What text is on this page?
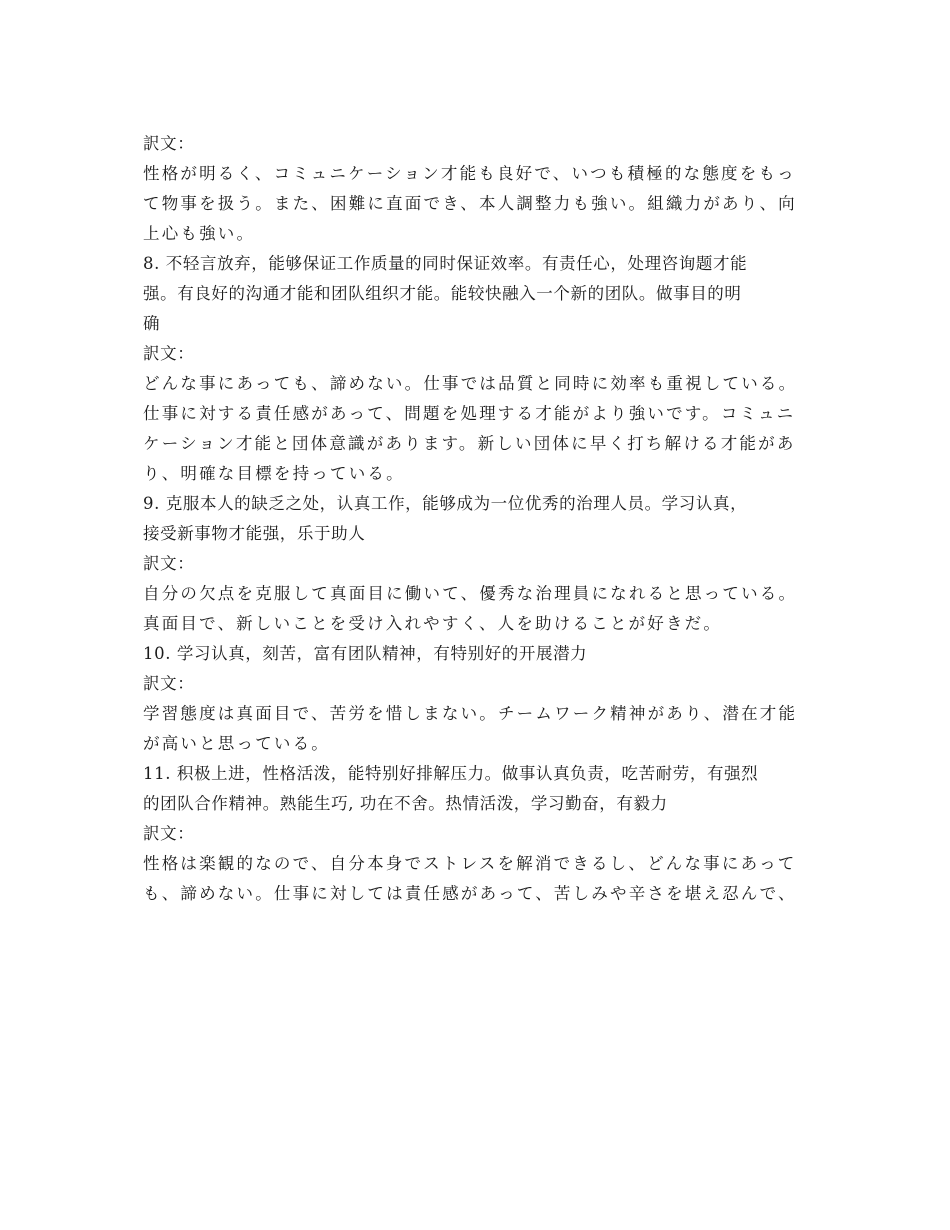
訳文：
性格が明るく、コミュニケーション才能も良好で、いつも積極的な態度をもっ
て物事を扱う。また、困難に直面でき、本人調整力も強い。組織力があり、向
上心も強い。
8. 不轻言放弃，能够保证工作质量的同时保证效率。有责任心，处理咨询题才能
强。有良好的沟通才能和团队组织才能。能较快融入一个新的团队。做事目的明
确
訳文：
どんな事にあっても、諦めない。仕事では品質と同時に効率も重視している。
仕事に対する責任感があって、問題を処理する才能がより強いです。コミュニ
ケーション才能と団体意識があります。新しい団体に早く打ち解ける才能があ
り、明確な目標を持っている。
9. 克服本人的缺乏之处，认真工作，能够成为一位优秀的治理人员。学习认真，
接受新事物才能强，乐于助人
訳文：
自分の欠点を克服して真面目に働いて、優秀な治理員になれると思っている。
真面目で、新しいことを受け入れやすく、人を助けることが好きだ。
10. 学习认真，刻苦，富有团队精神，有特别好的开展潜力
訳文：
学習態度は真面目で、苦労を惜しまない。チームワーク精神があり、潜在才能
が高いと思っている。
11. 积极上进，性格活泼，能特别好排解压力。做事认真负责，吃苦耐劳，有强烈
的团队合作精神。熟能生巧, 功在不舍。热情活泼，学习勤奋，有毅力
訳文：
性格は楽観的なので、自分本身でストレスを解消できるし、どんな事にあって
も、諦めない。仕事に対しては責任感があって、苦しみや辛さを堪え忍んで、
